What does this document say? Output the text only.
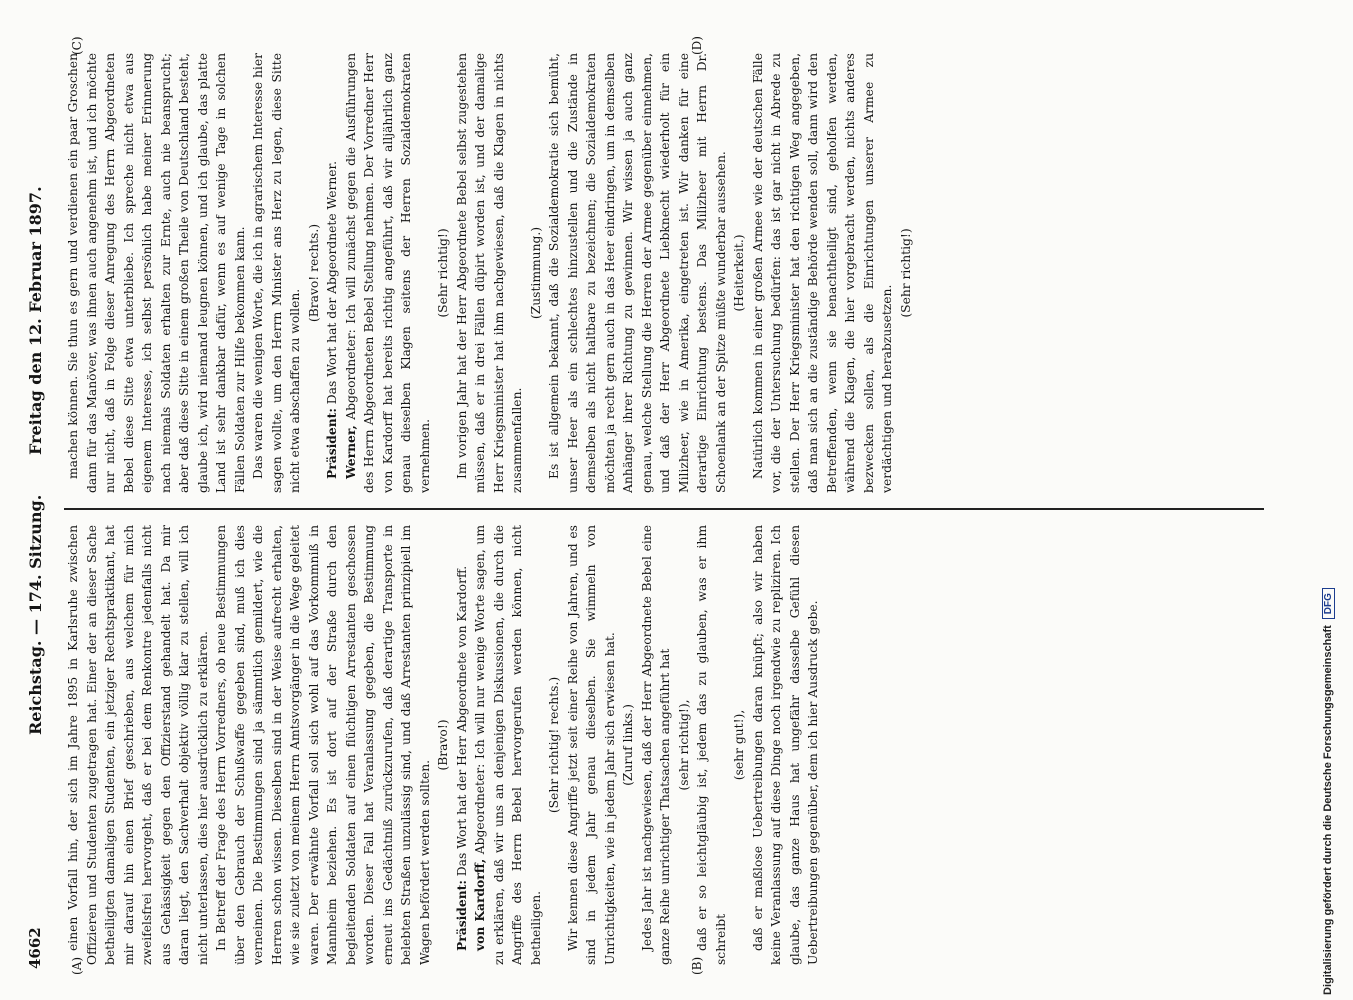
4662
Reichstag. — 174. Sitzung.
Freitag den 12. Februar 1897.
(A)	(B)
(C)	(D)

einen Vorfall hin, der sich im Jahre 1895 in Karlsruhe zwischen Offizieren und Studenten zugetragen hat. Einer der an dieser Sache betheiligten damaligen Studenten, ein jetziger Rechtspraktikant, hat mir darauf hin einen Brief geschrieben, aus welchem für mich zweifelsfrei hervorgeht, daß er bei dem Renkontre jedenfalls nicht aus Gehässigkeit gegen den Offizierstand gehandelt hat. Da mir daran liegt, den Sachverhalt objektiv völlig klar zu stellen, will ich nicht unterlassen, dies hier ausdrücklich zu erklären. In Betreff der Frage des Herrn Vorredners, ob neue Bestimmungen über den Gebrauch der Schußwaffe gegeben sind, muß ich dies verneinen. Die Bestimmungen sind ja sämmtlich gemildert, wie die Herren schon wissen. Dieselben sind in der Weise aufrecht erhalten, wie sie zuletzt von meinem Herrn Amtsvorgänger in die Wege geleitet waren. Der erwähnte Vorfall soll sich wohl auf das Vorkommniß in Mannheim beziehen. Es ist dort auf der Straße durch den begleitenden Soldaten auf einen flüchtigen Arrestanten geschossen worden. Dieser Fall hat Veranlassung gegeben, die Bestimmung erneut ins Gedächtniß zurückzurufen, daß derartige Transporte in belebten Straßen unzulässig sind, und daß Arrestanten prinzipiell im Wagen befördert werden sollten.

(Bravo!)

Präsident: Das Wort hat der Herr Abgeordnete von Kardorff.

von Kardorff, Abgeordneter: Ich will nur wenige Worte sagen, um zu erklären, daß wir uns an denjenigen Diskussionen, die durch die Angriffe des Herrn Bebel hervorgerufen werden können, nicht betheiligen.

(Sehr richtig! rechts.) Wir kennen diese Angriffe jetzt seit einer Reihe von Jahren, und es sind in jedem Jahr genau dieselben. Sie wimmeln von Unrichtigkeiten, wie in jedem Jahr sich erwiesen hat. (Zuruf links.) Jedes Jahr ist nachgewiesen, daß der Herr Abgeordnete Bebel eine ganze Reihe unrichtiger Thatsachen angeführt hat (sehr richtig!), daß er so leichtgläubig ist, jedem das zu glauben, was er ihm schreibt

(sehr gut!), daß er maßlose Uebertreibungen daran knüpft; also wir haben keine Veranlassung auf diese Dinge noch irgendwie zu repliziren. Ich glaube, das ganze Haus hat ungefähr dasselbe Gefühl diesen Uebertreibungen gegenüber, dem ich hier Ausdruck gebe.

machen können. Sie thun es gern und verdienen ein paar Groschen dann für das Manöver, was ihnen auch angenehm ist, und ich möchte nur nicht, daß in Folge dieser Anregung des Herrn Abgeordneten Bebel diese Sitte etwa unterbliebe. Ich spreche nicht etwa aus eigenem Interesse, ich selbst persönlich habe meiner Erinnerung nach niemals Soldaten erhalten zur Ernte, auch nie beansprucht; aber daß diese Sitte in einem großen Theile von Deutschland besteht, glaube ich, wird niemand leugnen können, und ich glaube, das platte Land ist sehr dankbar dafür, wenn es auf wenige Tage in solchen Fällen Soldaten zur Hilfe bekommen kann. Das waren die wenigen Worte, die ich in agrarischem Interesse hier sagen wollte, um den Herrn Minister ans Herz zu legen, diese Sitte nicht etwa abschaffen zu wollen.

(Bravo! rechts.)

Präsident: Das Wort hat der Abgeordnete Werner.

Werner, Abgeordneter: Ich will zunächst gegen die Ausführungen des Herrn Abgeordneten Bebel Stellung nehmen. Der Vorredner Herr von Kardorff hat bereits richtig angeführt, daß wir alljährlich ganz genau dieselben Klagen seitens der Herren Sozialdemokraten vernehmen.

(Sehr richtig!) Im vorigen Jahr hat der Herr Abgeordnete Bebel selbst zugestehen müssen, daß er in drei Fällen düpirt worden ist, und der damalige Herr Kriegsminister hat ihm nachgewiesen, daß die Klagen in nichts zusammenfallen.

(Zustimmung.) Es ist allgemein bekannt, daß die Sozialdemokratie sich bemüht, unser Heer als ein schlechtes hinzustellen und die Zustände in demselben als nicht haltbare zu bezeichnen; die Sozialdemokraten möchten ja recht gern auch in das Heer eindringen, um in demselben Anhänger ihrer Richtung zu gewinnen. Wir wissen ja auch ganz genau, welche Stellung die Herren der Armee gegenüber einnehmen, und daß der Herr Abgeordnete Liebknecht wiederholt für ein Milizheer, wie in Amerika, eingetreten ist. Wir danken für eine derartige Einrichtung bestens. Das Milizheer mit Herrn Dr. Schoenlank an der Spitze müßte wunderbar aussehen. (Heiterkeit.) Natürlich kommen in einer großen Armee wie der deutschen Fälle vor, die der Untersuchung bedürfen: das ist gar nicht in Abrede zu stellen. Der Herr Kriegsminister hat den richtigen Weg angegeben, daß man sich an die zuständige Behörde wenden soll, dann wird den Betreffenden, wenn sie benachtheiligt sind, geholfen werden, während die Klagen, die hier vorgebracht werden, nichts anderes bezwecken sollen, als die Einrichtungen unserer Armee zu verdächtigen und herabzusetzen.

(Sehr richtig!)

Digitalisierung gefördert durch die Deutsche ForschungsgemeinschaftDFG
